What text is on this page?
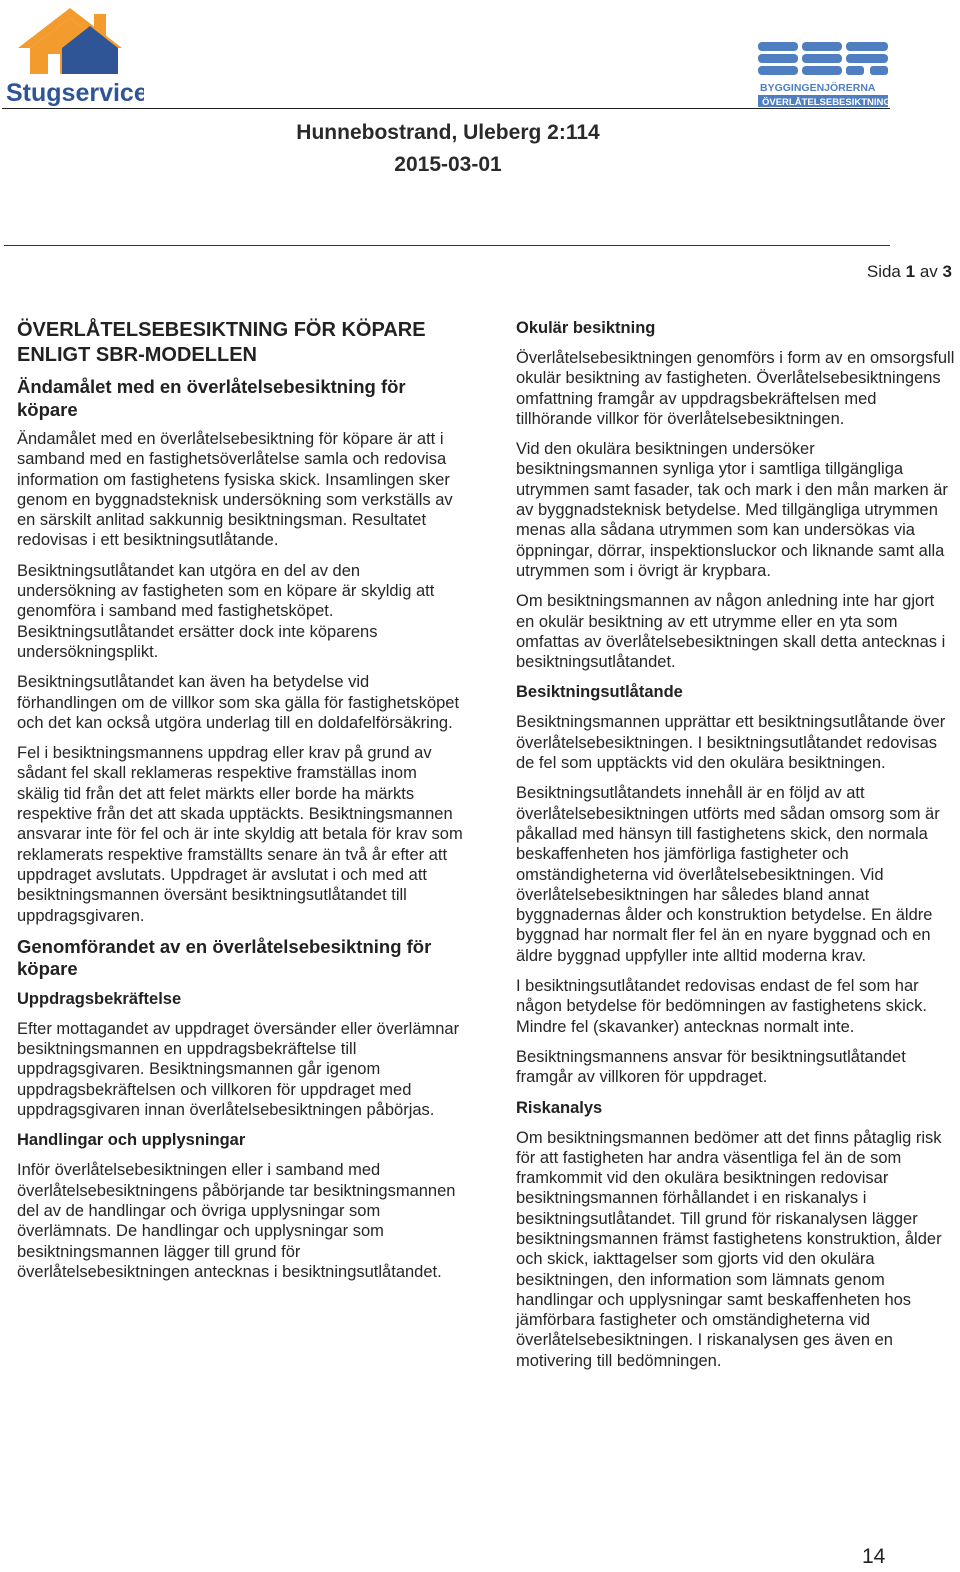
Stugservice	BYGGINGENJÖRERNA
ÖVERLÅTELSEBESIKTNING
Hunnebostrand, Uleberg 2:114
2015-03-01
Sida 1 av 3
ÖVERLÅTELSEBESIKTNING FÖR KÖPARE ENLIGT SBR-MODELLEN
Ändamålet med en överlåtelsebesiktning för köpare

Ändamålet med en överlåtelsebesiktning för köpare är att i samband med en fastighetsöverlåtelse samla och redovisa information om fastighetens fysiska skick. Insamlingen sker genom en byggnadsteknisk undersökning som verkställs av en särskilt anlitad sakkunnig besiktningsman. Resultatet redovisas i ett besiktningsutlåtande.

Besiktningsutlåtandet kan utgöra en del av den undersökning av fastigheten som en köpare är skyldig att genomföra i samband med fastighetsköpet. Besiktningsutlåtandet ersätter dock inte köparens undersökningsplikt.

Besiktningsutlåtandet kan även ha betydelse vid förhandlingen om de villkor som ska gälla för fastighetsköpet och det kan också utgöra underlag till en doldafelförsäkring.

Fel i besiktningsmannens uppdrag eller krav på grund av sådant fel skall reklameras respektive framställas inom skälig tid från det att felet märkts eller borde ha märkts respektive från det att skada upptäckts. Besiktningsmannen ansvarar inte för fel och är inte skyldig att betala för krav som reklamerats respektive framställts senare än två år efter att uppdraget avslutats. Uppdraget är avslutat i och med att besiktningsmannen översänt besiktningsutlåtandet till uppdragsgivaren.

Genomförandet av en överlåtelsebesiktning för köpare
Uppdragsbekräftelse

Efter mottagandet av uppdraget översänder eller överlämnar besiktningsmannen en uppdragsbekräftelse till uppdragsgivaren. Besiktningsmannen går igenom uppdragsbekräftelsen och villkoren för uppdraget med uppdragsgivaren innan överlåtelsebesiktningen påbörjas.

Handlingar och upplysningar

Inför överlåtelsebesiktningen eller i samband med överlåtelsebesiktningens påbörjande tar besiktningsmannen del av de handlingar och övriga upplysningar som överlämnats. De handlingar och upplysningar som besiktningsmannen lägger till grund för överlåtelsebesiktningen antecknas i besiktningsutlåtandet.

Okulär besiktning

Överlåtelsebesiktningen genomförs i form av en omsorgsfull okulär besiktning av fastigheten. Överlåtelsebesiktningens omfattning framgår av uppdragsbekräftelsen med tillhörande villkor för överlåtelsebesiktningen.

Vid den okulära besiktningen undersöker besiktningsmannen synliga ytor i samtliga tillgängliga utrymmen samt fasader, tak och mark i den mån marken är av byggnadsteknisk betydelse. Med tillgängliga utrymmen menas alla sådana utrymmen som kan undersökas via öppningar, dörrar, inspektionsluckor och liknande samt alla utrymmen som i övrigt är krypbara.

Om besiktningsmannen av någon anledning inte har gjort en okulär besiktning av ett utrymme eller en yta som omfattas av överlåtelsebesiktningen skall detta antecknas i besiktningsutlåtandet.

Besiktningsutlåtande

Besiktningsmannen upprättar ett besiktningsutlåtande över överlåtelsebesiktningen. I besiktningsutlåtandet redovisas de fel som upptäckts vid den okulära besiktningen.

Besiktningsutlåtandets innehåll är en följd av att överlåtelsebesiktningen utförts med sådan omsorg som är påkallad med hänsyn till fastighetens skick, den normala beskaffenheten hos jämförliga fastigheter och omständigheterna vid överlåtelsebesiktningen. Vid överlåtelsebesiktningen har således bland annat byggnadernas ålder och konstruktion betydelse. En äldre byggnad har normalt fler fel än en nyare byggnad och en äldre byggnad uppfyller inte alltid moderna krav.

I besiktningsutlåtandet redovisas endast de fel som har någon betydelse för bedömningen av fastighetens skick. Mindre fel (skavanker) antecknas normalt inte.

Besiktningsmannens ansvar för besiktningsutlåtandet framgår av villkoren för uppdraget.

Riskanalys

Om besiktningsmannen bedömer att det finns påtaglig risk för att fastigheten har andra väsentliga fel än de som framkommit vid den okulära besiktningen redovisar besiktningsmannen förhållandet i en riskanalys i besiktningsutlåtandet. Till grund för riskanalysen lägger besiktningsmannen främst fastighetens konstruktion, ålder och skick, iakttagelser som gjorts vid den okulära besiktningen, den information som lämnats genom handlingar och upplysningar samt beskaffenheten hos jämförbara fastigheter och omständigheterna vid överlåtelsebesiktningen. I riskanalysen ges även en motivering till bedömningen.

14
